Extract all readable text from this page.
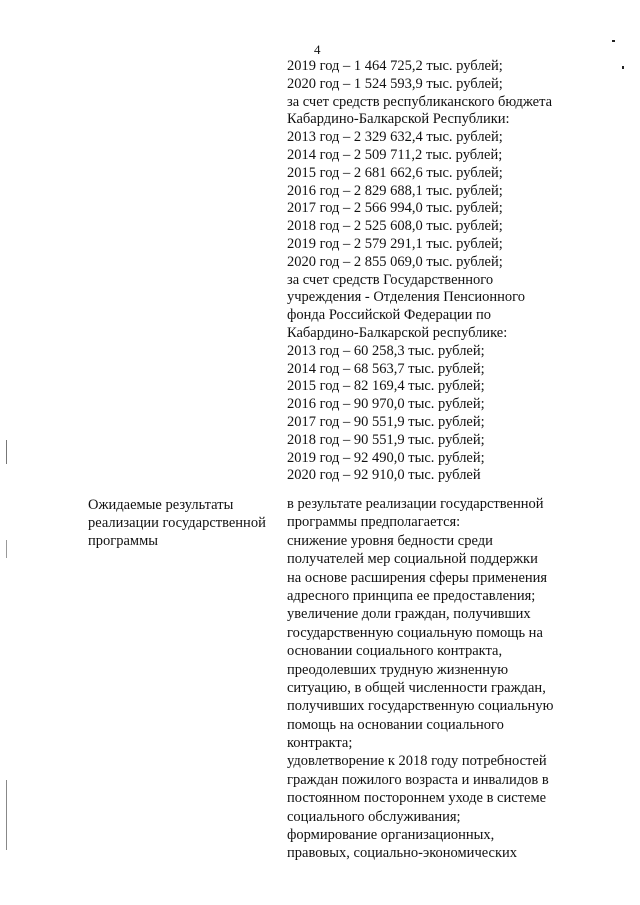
4
2019 год – 1 464 725,2 тыс. рублей;
2020 год – 1 524 593,9 тыс. рублей;
за счет средств республиканского бюджета
Кабардино-Балкарской Республики:
2013 год – 2 329 632,4 тыс. рублей;
2014 год – 2 509 711,2 тыс. рублей;
2015 год – 2 681 662,6 тыс. рублей;
2016 год – 2 829 688,1 тыс. рублей;
2017 год – 2 566 994,0 тыс. рублей;
2018 год – 2 525 608,0 тыс. рублей;
2019 год – 2 579 291,1 тыс. рублей;
2020 год – 2 855 069,0 тыс. рублей;
за счет средств Государственного
учреждения - Отделения Пенсионного
фонда Российской Федерации по
Кабардино-Балкарской республике:
2013 год – 60 258,3 тыс. рублей;
2014 год – 68 563,7 тыс. рублей;
2015 год – 82 169,4 тыс. рублей;
2016 год – 90 970,0 тыс. рублей;
2017 год – 90 551,9 тыс. рублей;
2018 год – 90 551,9 тыс. рублей;
2019 год – 92 490,0 тыс. рублей;
2020 год – 92 910,0 тыс. рублей
Ожидаемые результаты
реализации государственной
программы
в результате реализации государственной
программы предполагается:
снижение уровня бедности среди
получателей мер социальной поддержки
на основе расширения сферы применения
адресного принципа ее предоставления;
увеличение доли граждан, получивших
государственную социальную помощь на
основании социального контракта,
преодолевших трудную жизненную
ситуацию, в общей численности граждан,
получивших государственную социальную
помощь на основании социального
контракта;
удовлетворение к 2018 году потребностей
граждан пожилого возраста и инвалидов в
постоянном постороннем уходе в системе
социального обслуживания;
формирование организационных,
правовых, социально-экономических
